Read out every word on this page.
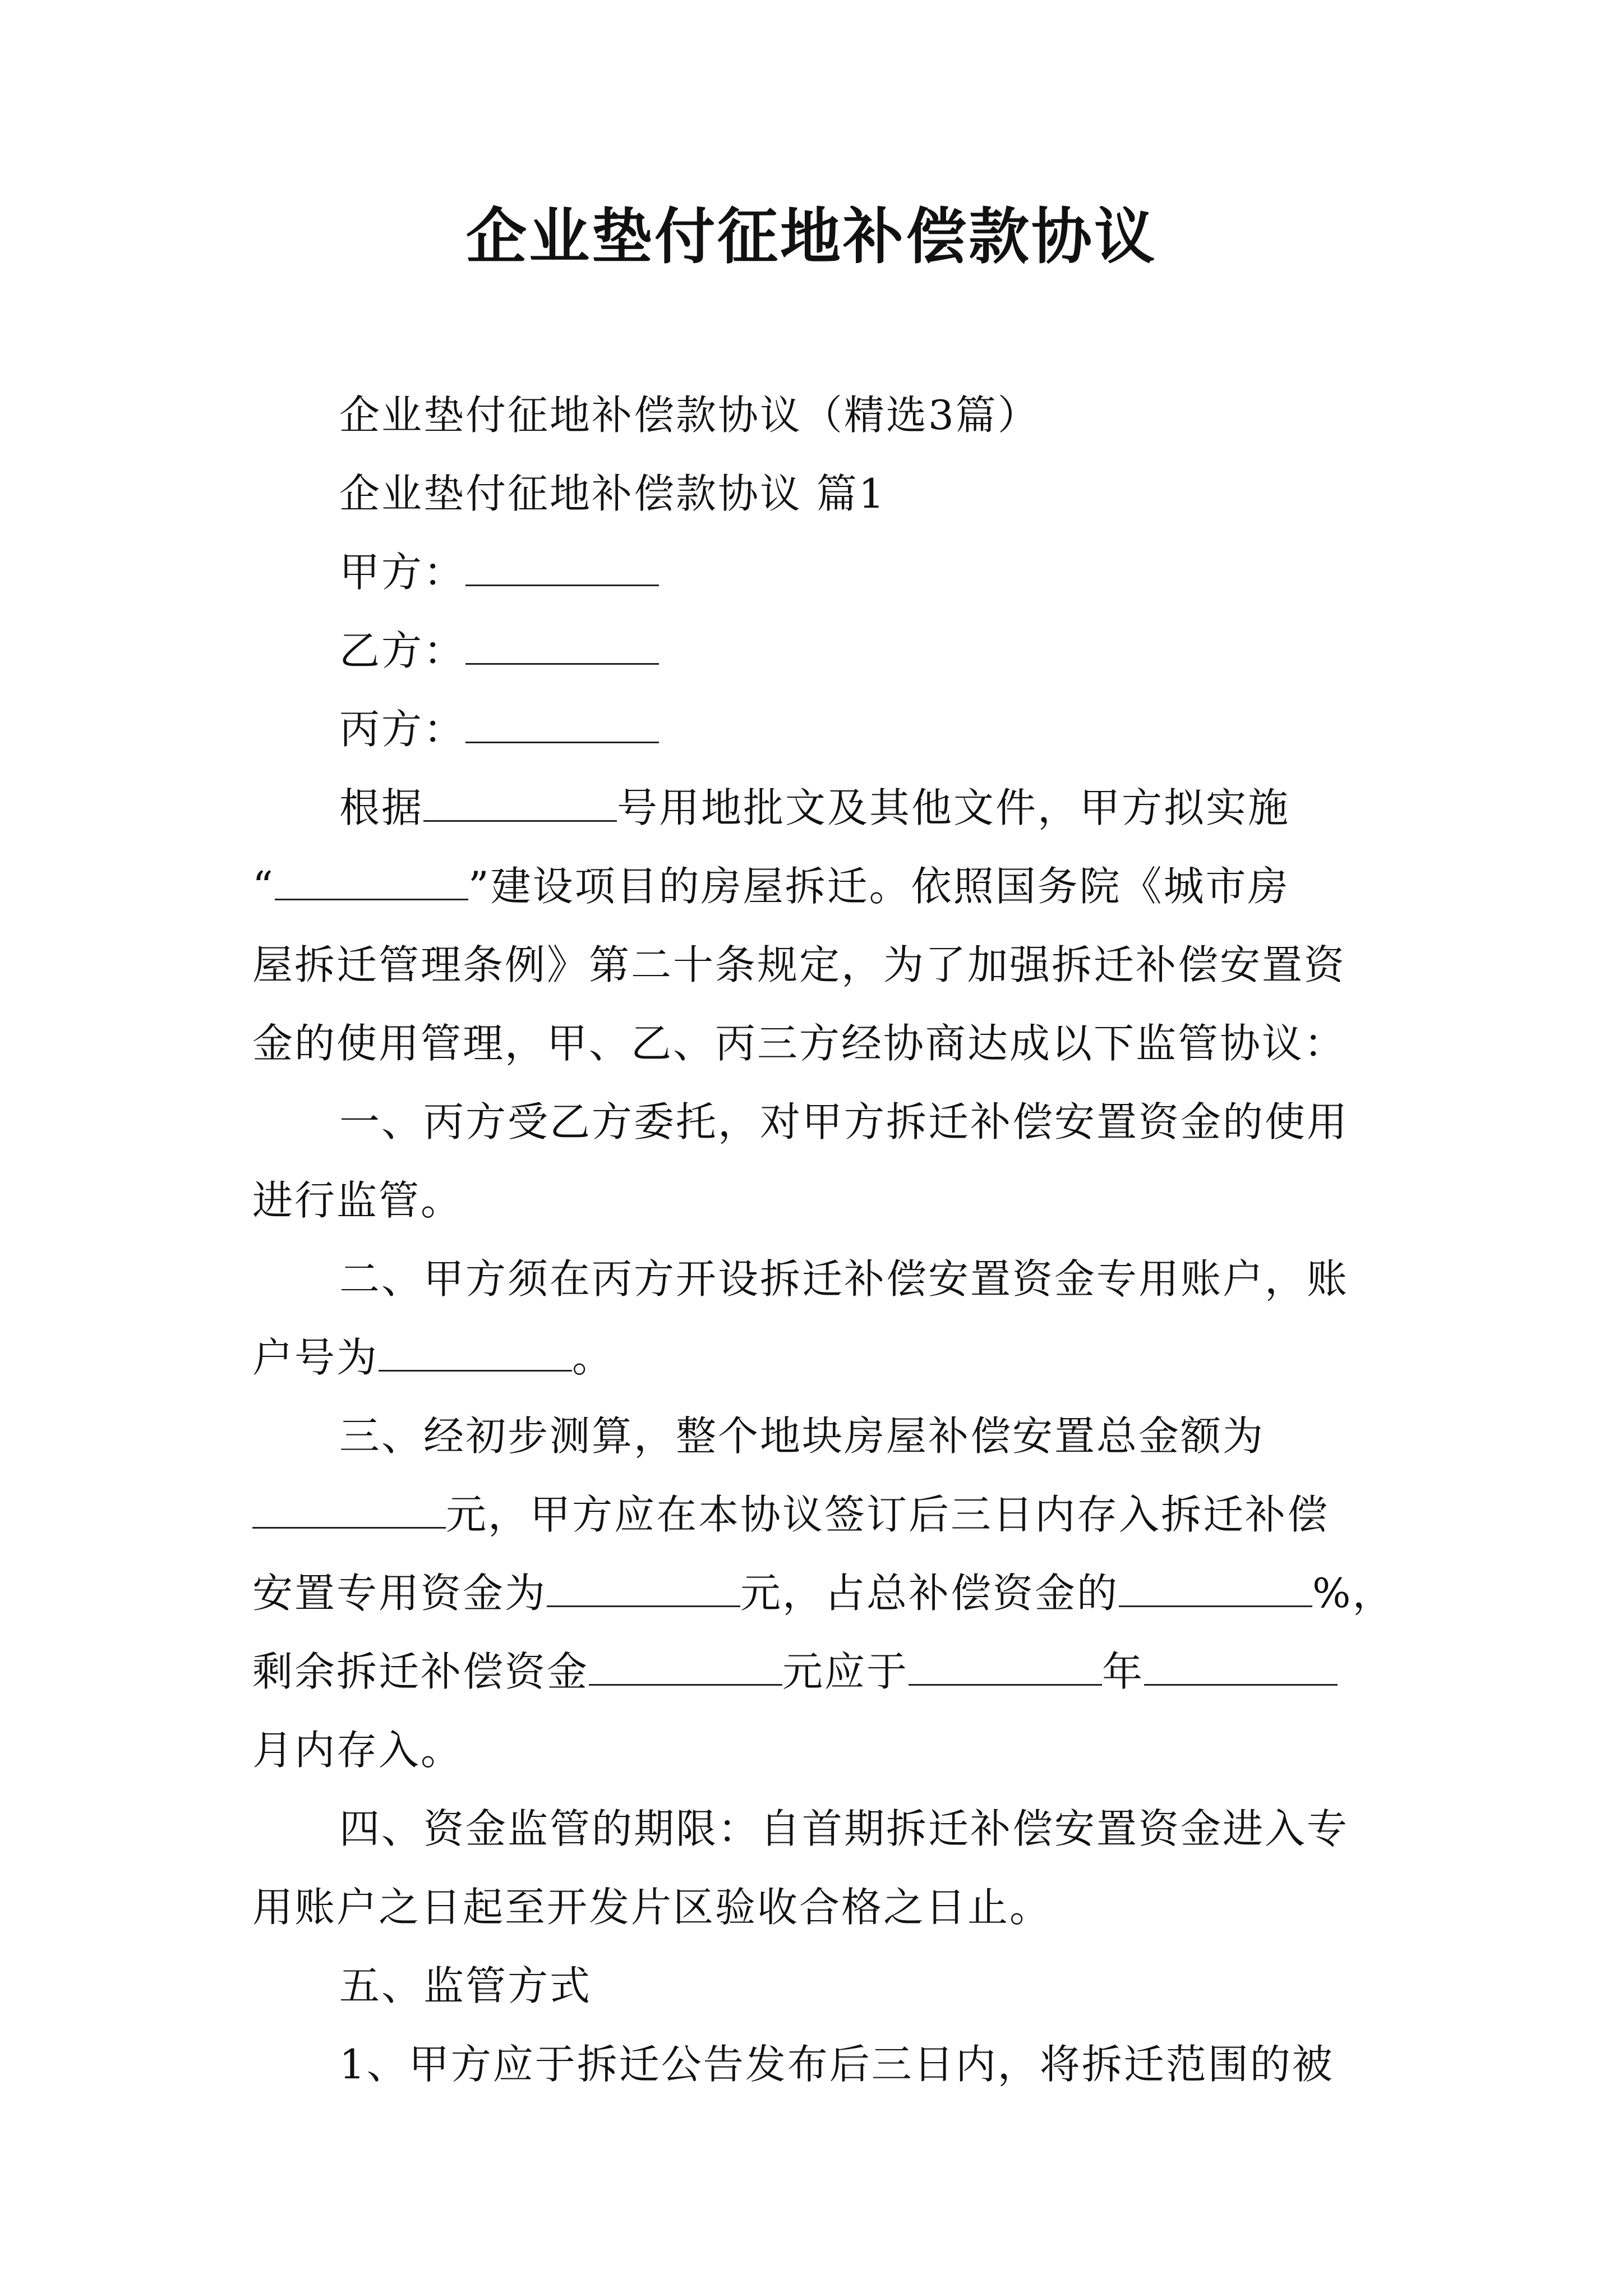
企业垫付征地补偿款协议
企业垫付征地补偿款协议（精选3篇）
企业垫付征地补偿款协议 篇1
甲方：
乙方：
丙方：
根据	号用地批文及其他文件，甲方拟实施
“	”建设项目的房屋拆迁。依照国务院《城市房
屋拆迁管理条例》第二十条规定，为了加强拆迁补偿安置资
金的使用管理，甲、乙、丙三方经协商达成以下监管协议：
一、丙方受乙方委托，对甲方拆迁补偿安置资金的使用
进行监管。
二、甲方须在丙方开设拆迁补偿安置资金专用账户，账
户号为	。
三、经初步测算，整个地块房屋补偿安置总金额为
元，甲方应在本协议签订后三日内存入拆迁补偿
安置专用资金为	元，占总补偿资金的	%，
剩余拆迁补偿资金	元应于	年
月内存入。
四、资金监管的期限：自首期拆迁补偿安置资金进入专
用账户之日起至开发片区验收合格之日止。
五、监管方式
1、甲方应于拆迁公告发布后三日内，将拆迁范围的被
